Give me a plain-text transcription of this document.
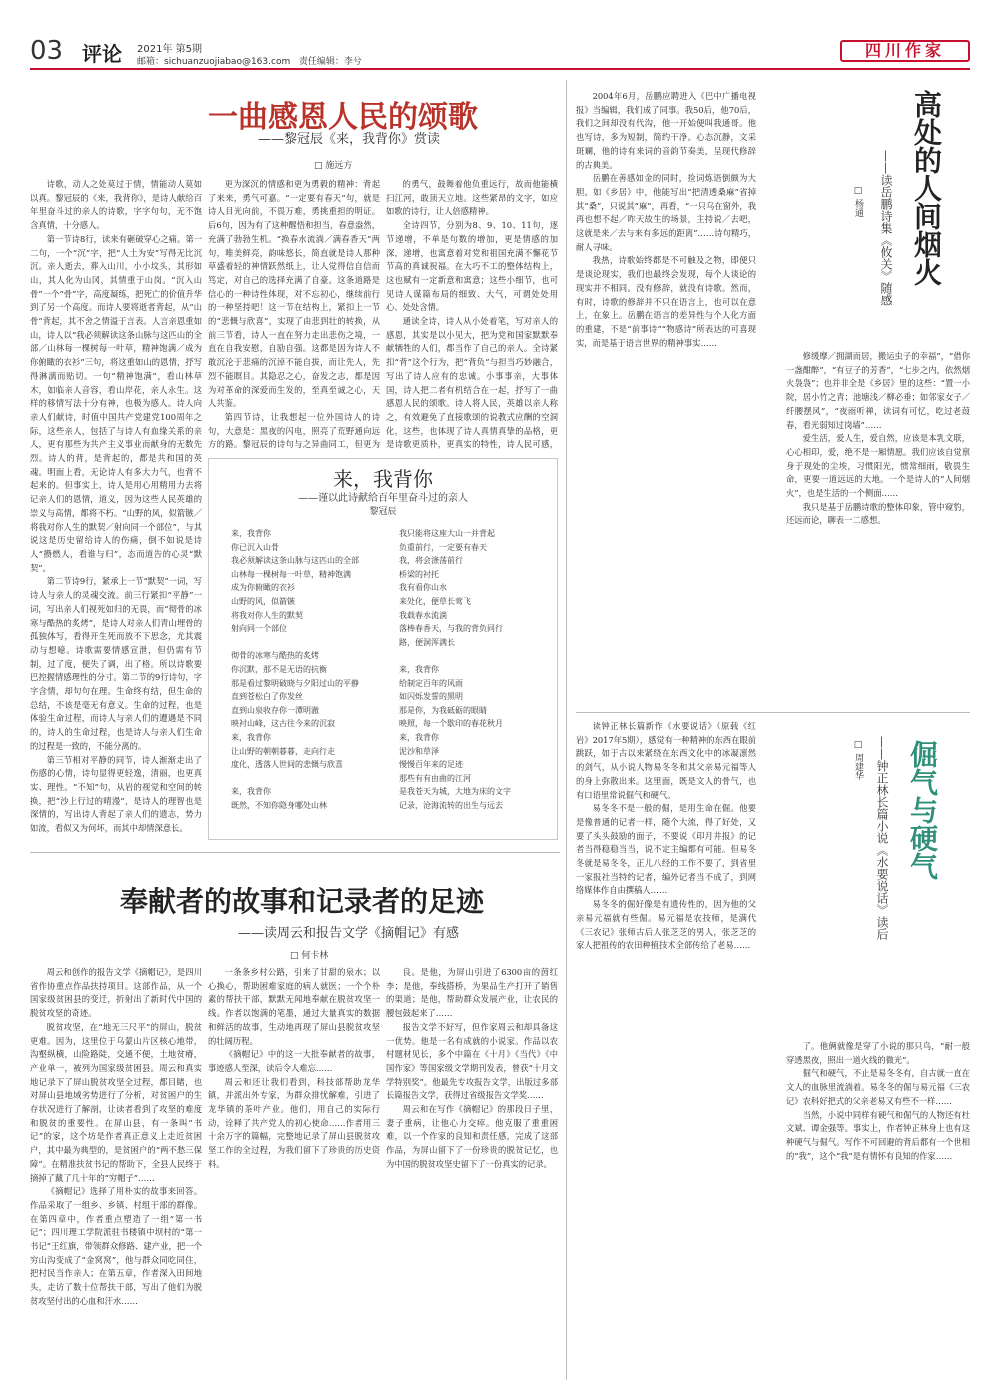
03 评论 2021年 第5期
邮箱：sichuanzuojiabao@163.com 责任编辑：李兮
四川作家
一曲感恩人民的颂歌
——黎冠辰《来，我背你》赏读
□ 施远方

诗歌，动人之处莫过于情，情能动人莫如以真。黎冠辰的《来，我背你》，是诗人献给百年里奋斗过的亲人的诗歌，字字句句，无不饱含真情，十分感人。

第一节诗8行，读来有砸破穿心之痛。第一二句，一个“沉”字，把“人土为安”写得无比沉沉。亲人逝去，葬入山川，小小坟头，其形如山，其人化为山冈，其情重于山岗。“沉入山骨”一个“骨”字，高度凝练，把死亡的价值升华到了另一个高度。而诗人要将逝者背起，从“山骨”背起，其不舍之情溢于言表。人言亲恩重如山，诗人以“我必须解读这条山脉与这匹山的全部／山林每一棵树每一叶草，精神饱满／成为你俯瞰的衣衫”三句，将这重如山的恩情，抒写得淋漓而贴切。一句“精神饱满”，看山林草木，如临亲人音容，看山岸花，亲人永生。这样的移情写法十分有神，也极为感人。诗人向亲人们献诗，时值中国共产党建党100周年之际，这些亲人，包括了与诗人有血缘关系的亲人，更有那些为共产主义事业而献身的无数先烈。诗人的背，是背起的，都是共和国的英魂。明面上看，无论诗人有多大力气，也背不起来的。但事实上，诗人是用心用精用力去将记亲人们的恩情，道义，因为这些人民英雄的崇义与高情，都将不朽。“山野的风，似箭镞／将我对你人生的默契／射向同一个部位”，与其说这是历史留给诗人的伤痛，倒不如说是诗人“攒燃人，看谁与归”，态而道告的心灵“默契”。

第二节诗9行，紧承上一节“默契”一词，写诗人与亲人的灵魂交流。前三行紧扣“平静”一词，写出亲人们视死如归的无畏，而“彻骨的冰寒与酷热的炙烤”，是诗人对亲人们青山埋骨的孤独体写，看得开生死而放不下思念，尤其震动与想噫。诗歌需要情感宣泄，但仍需有节制，过了度，便失了调，出了格。所以诗歌要巴控握情感理性的分寸。第二节的9行诗句，字字含情，却句句在理。生命终有结，但生命的总结，不该是毫无有意义。生命的过程，也是体验生命过程，而诗人与亲人们的遭遇是不同的，诗人的生命过程，也是诗人与亲人们生命的过程是一致的，不能分离的。

第三节相对平静的同节，诗人渐渐走出了伤感的心情，诗句显得更轻逸，清丽，也更真实、理性。“不知”句，从岩的视觉和空间的转换，把“沙上行过的晴漫”，是诗人的理智也是深情的，写出诗人背起了亲人们的遗志，势力如流，看似又为何坏，而其中却情深意长。

更为深沉的情感和更为勇毅的精神：背起了来来，勇气可嘉。“一定要有春天”句，就是诗人目光向前，不畏万难，勇挑重担的明证。后6句，因为有了这种醒悟和担当，春意盎然，充满了勃勃生机。“换春水流淌／满春香天”两句，唯美鲜亮，韵味悠长，简直就是诗人那种草盛着轻的神情跃然纸上，让人觉得信自信而笃定，对自己的选择充满了自豪。这条道路是信心的一种诗性体现，对不忘初心，继续前行的一种坚持吧！这一节在结构上，紧扣上一节的“悲慨与欣喜”，实现了由悲到壮的转换，从前三节看，诗人一直在努力走出悲伤之境，一直在自我安慰，自励自强。这都是因为诗人不敢沉沦于悲痛的沉淖不能自拔，而让先人，先烈不能瞑目。其隐忍之心，奋发之志，都是因为对革命的深爱而生发的，至真至诚之心，天人共鉴。

第四节诗，让我想起一位外国诗人的诗句，大意是：黑夜的闪电，照亮了荒野通向远方的路。黎冠辰的诗句与之异曲同工，但更为

的勇气，鼓舞着他负重远行，故而他能横扫江河，敢顶天立地。这些紧昂的文字，如应如歌的诗行，让人倍感精神。

全诗四节，分别为8、9、10、11句，逐节递增，不单是句数的增加，更是情感的加深，递增，也寓意着对党和祖国充满不懈花节节高的真诚祝福。在大巧不工的整体结构上，这也赋有一定新意和寓意；这些小细节，也可见诗人谋篇布局的细致、大气，可谓处处用心、处处含情。

通读全诗，诗人从小处着笔，写对亲人的感恩，其实是以小见大，把为党和国家默默奉献牺牲的人们，都当作了自己的亲人。全诗紧扣“背”这个行为，把“背负”与担当巧妙融合，写出了诗人应有的忠诚。小事事亲，大事体国，诗人把二者有机结合在一起，抒写了一曲感恩人民的颂歌。诗人将人民，英雄以亲人称之，有效避免了直接歌颂的说教式应酬的空洞化，这些，也体现了诗人真情真挚的品格，更是诗歌更质朴，更真实的特性，诗人民可感，

来，我背你
——谨以此诗献给百年里奋斗过的亲人
黎冠辰
来，我背你
你已沉入山骨
我必须解读这条山脉与这匹山的全部
山林每一棵树每一叶草，精神饱满
成为你俯瞰的衣衫
山野的风，似箭镞
将我对你人生的默契
射向同一个部位
彻骨的冰寒与酷热的炙烤
你沉默，那不是无语的抗衡
那是看过黎明破晓与夕阳过山的平静
直到苍松白了你发丝
直到山泉收存你一潭明澈
映衬山峰，这古往今来的沉寂
来，我背你
让山野的朝朝暮暮，走向行走
度化，透落人世间的悲慨与欣喜
来，我背你
既然，不知你隐身哪处山林
我只能将这座大山一并背起
负重前行，一定要有春天
我，将会涤荡前行
桥梁的衬托
我有看你山水
来处化，便草长莺飞
我载春水流淌
落棒春香天，与我的背负同行
路，便洞浑满长
来，我背你
给制定百年的风雨
如闪烁发誓的黑明
那是你，为我砥砺的眼睛
映照，每一个歇印的春花秋月
来，我背你
泥沙和草泽
慢慢百年来的足迹
那些有有由曲的江河
是我苍天为城，大地为床的文字
记录，沧海流转的出生与远去
奉献者的故事和记录者的足迹
——读周云和报告文学《摘帽记》有感
□ 何卡林

周云和创作的报告文学《摘帽记》，是四川省作协重点作品扶持项目。这部作品，从一个国家级贫困县的变迁，折射出了新时代中国的脱贫攻坚的奇迹。

脱贫攻坚，在“地无三尺平”的屏山，脱贫更难。因为，这里位于乌蒙山片区核心地带，沟壑纵横，山险路陡，交通不便，土地贫瘠，产业单一，被列为国家级贫困县。周云和真实地记录下了屏山脱贫攻坚全过程，都目睹，也对屏山县地域劣势进行了分析，对贫困户的生存状况进行了解剖，让读者看到了攻坚的难度和脱贫的重要性。在屏山县，有一条叫“书记”的家，这个坊是作者真正意义上走近贫困户，其中最为典型的，是贫困户的“两不愁三保障”。在精准扶贫书记的帮助下，全县人民终于摘掉了戴了几十年的“穷帽子”……

《摘帽记》选择了用朴实的故事来回答。作品采取了一组乡、乡镇、村组干部的群像。在第四章中，作者重点塑造了一组“第一书记”；四川理工学院派驻书楼镇中坝村的“第一书记”王红旗，带领群众修路、建产业，把一个穷山沟变成了“金窝窝”，他与群众同吃同住，把村民当作亲人；在第五章，作者深入田间地头，走访了数十位帮扶干部，写出了他们为脱贫攻坚付出的心血和汗水……

一条条乡村公路，引来了甘甜的泉水；以心换心，帮助困难家庭的病人就医；一个个朴素的帮扶干部，默默无闻地奉献在脱贫攻坚一线。作者以饱满的笔墨，通过大量真实的数据和鲜活的故事，生动地再现了屏山县脱贫攻坚的壮阔历程。

《摘帽记》中的这一大批奉献者的故事，事迹感人至深，读后令人难忘……

周云和还让我们看到，科技部帮助龙华镇，并派出外专家，为群众排忧解难，引进了龙华镇的茶叶产业。他们，用自己的实际行动，诠释了共产党人的初心使命……作者用三十余万字的篇幅，完整地记录了屏山县脱贫攻坚工作的全过程，为我们留下了珍贵的历史资料。

良。是他，为屏山引进了6300亩的茵红李；是他，奉线搭桥，为果品生产打开了销售的渠道；是他，帮助群众发展产业，让农民的腰包鼓起来了……

报告文学不好写，但作家周云和却具备这一优势。他是一名有成就的小说家。作品以农村题材见长，多个中篇在《十月》《当代》《中国作家》等国家级文学期刊发表，曾获“十月文学特别奖”。他最先专攻报告文学，出版过多部长篇报告文学，获得过省级报告文学奖……

周云和在写作《摘帽记》的那段日子里，妻子重病，让他心力交瘁。他克服了重重困难，以一个作家的良知和责任感，完成了这部作品，为屏山留下了一份珍贵的脱贫记忆，也为中国的脱贫攻坚史留下了一份真实的记录。

高处的人间烟火
——读岳鹏诗集《攸关》随感
□ 杨通

2004年6月，岳鹏应聘进入《巴中广播电视报》当编辑，我们成了同事。我50后，他70后，我们之间却没有代沟，他一开始便叫我通哥。他也写诗，多为短制，简约干净。心态沉静，文采斑斓，他的诗有来词的音韵节奏美，呈现代修辞的古典美。

岳鹏在善感如金的同时，捡词炼语倒颇为大胆。如《乡居》中，他能写出“把清透桑麻”省掉其“桑”，只说其“麻”，再看，“一只乌在窗外，我再也想不起／昨天故生的场景，主持说／去吧，这就是来／去与来有多远的距离”……诗句精巧，耐人寻味。

我热，诗歌始终都是不可触及之物，即便只是谈论现实，我们也最终会发现，每个人谈论的现实并不相同。没有修辞，就没有诗歌。然而，有时，诗歌的修辞并不只在语言上，也可以在意上，在象上。岳鹏在语言的差异性与个人化方面的重建，不是“前事诗”“物感诗”所表达的可喜现实，而是基于语言世界的精神事实……

修缓摩／拥湖而居，搬运虫子的幸福”，“借你一盏酣醉”，“有豆子的芳香”，“七步之内，依然烟火袅袅”；也并非全是《乡居》里的这些：“置一小院，居小竹之青；池塘浅／柳必垂；如邻家女子／纤腰摆风”，“夜雨听禅，读词有可忆，吃过老葭春，看光弱知过岗墙”……

爱生活，爱人生，爱自然，应该是本乳文联，心心相印，爱，绝不是一厢情愿。我们应该自觉禀身于现处的尘埃，习惯阳光，惯常细雨，敬畏生命，更要一道远远的大地。一个是诗人的“人间烟火”，也是生活的一个侧面……

我只是基于岳鹏诗歌的整体印象，管中窥豹，还远而论，聊表一二感想。

倔气与硬气
——钟正林长篇小说《水要说话》读后
□ 周建华

读钟正林长篇新作《水要说话》（原载《红岩》2017年5期），感觉有一种精神的东西在眼前跳跃，如于古以来紧绕在东西文化中的冰凝凛然的剑气，从小说人物易冬冬和其父亲易元福等人的身上弥散出来。这里面，既是文人的骨气，也有口语里常说倔气和硬气。

易冬冬不是一般的倔，是用生命在倔。他要是像普通的记者一样，随个大流，得了好处，又要了头头鼓励的面子，不要说《印月井报》的记者当得稳稳当当，说不定主编都有可能。但易冬冬就是易冬冬，正儿八经的工作不要了，到省里一家报社当特约记者，编外记者当不成了，到网络媒体作自由撰稿人……

易冬冬的倔好像是有遗传性的，因为他的父亲易元福就有些倔。易元福是农技师，是满代《三农记》张师古后人张芝芝的男人，张芝芝的家人把祖传的农田种植技术全部传给了老易……

了。他俩就像是穿了小说的那只鸟，“耐一般穿透黑夜，照出一道火线的微光”。

倔气和硬气，不止是易冬冬有，自古就一直在文人的血脉里流淌着。易冬冬的倔与易元福《三农记》农科好把式的父亲老易又有些不一样……

当然，小说中同样有硬气和倔气的人物还有杜文斌、谭金强等。事实上，作者钟正林身上也有这种硬气与倔气。写作不可回避的背后都有一个世相的“我”，这个“我”是有情怀有良知的作家……
